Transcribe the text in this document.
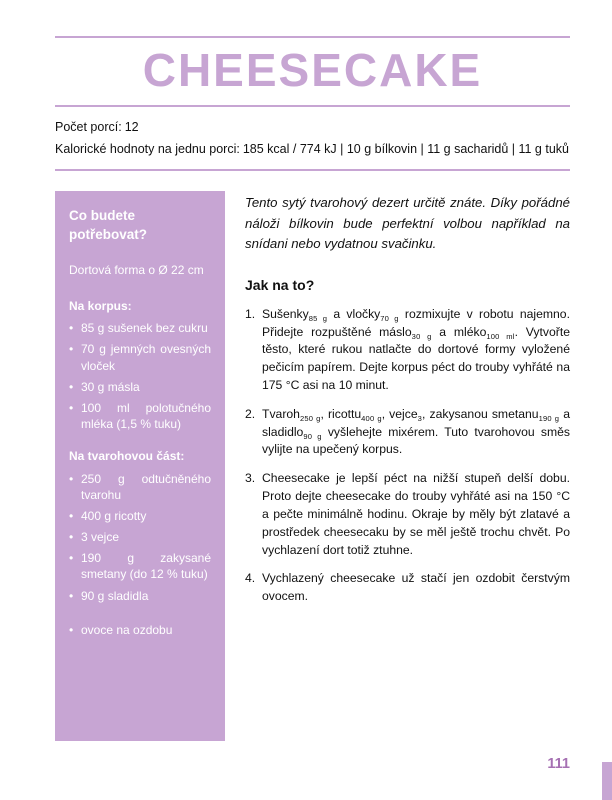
CHEESECAKE
Počet porcí: 12
Kalorické hodnoty na jednu porci: 185 kcal / 774 kJ | 10 g bílkovin | 11 g sacharidů | 11 g tuků
Co budete potřebovat?

Dortová forma o Ø 22 cm

Na korpus:
• 85 g sušenek bez cukru
• 70 g jemných ovesných vloček
• 30 g másla
• 100 ml polotučného mléka (1,5 % tuku)
Na tvarohovou část:
• 250 g odtučněného tvarohu
• 400 g ricotty
• 3 vejce
• 190 g zakysané smetany (do 12 % tuku)
• 90 g sladidla
• ovoce na ozdobu

Tento sytý tvarohový dezert určitě znáte. Díky pořádné náloži bílkovin bude perfektní volbou například na snídani nebo vydatnou svačinku.

Jak na to?
1. Sušenky$_{85 g}$ a vločky$_{70 g}$ rozmixujte v robotu najemno. Přidejte rozpuštěné máslo$_{30 g}$ a mléko$_{100 ml}$. Vytvořte těsto, které rukou natlačte do dortové formy vyložené pečicím papírem. Dejte korpus péct do trouby vyhřáté na 175 °C asi na 10 minut.
2. Tvaroh$_{250 g}$, ricottu$_{400 g}$, vejce$_3$, zakysanou smetanu$_{190 g}$ a sladidlo$_{90 g}$ vyšlehejte mixérem. Tuto tvarohovou směs vylijte na upečený korpus.
3. Cheesecake je lepší péct na nižší stupeň delší dobu. Proto dejte cheesecake do trouby vyhřáté asi na 150 °C a pečte minimálně hodinu. Okraje by měly být zlatavé a prostředek cheesecaku by se měl ještě trochu chvět. Po vychlazení dort totiž ztuhne.
4. Vychlazený cheesecake už stačí jen ozdobit čerstvým ovocem.
111
